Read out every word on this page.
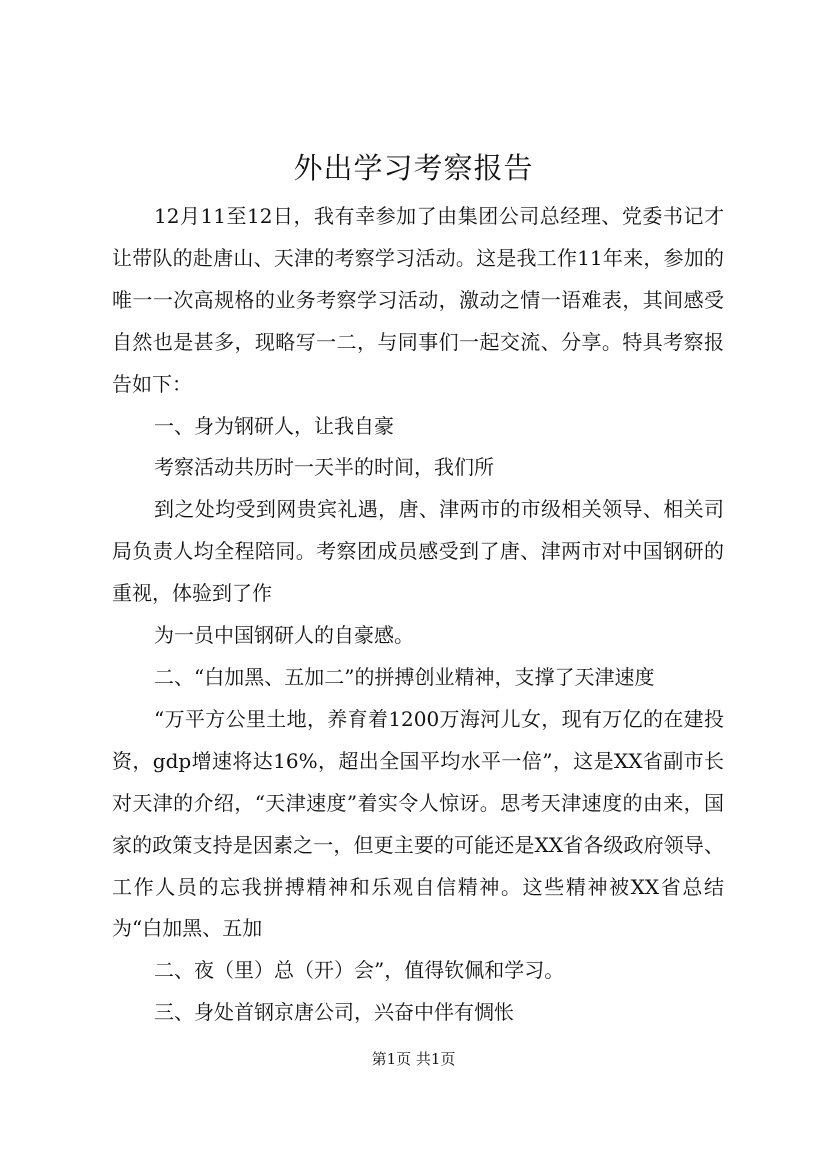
外出学习考察报告

12月11至12日，我有幸参加了由集团公司总经理、党委书记才让带队的赴唐山、天津的考察学习活动。这是我工作11年来，参加的唯一一次高规格的业务考察学习活动，激动之情一语难表，其间感受自然也是甚多，现略写一二，与同事们一起交流、分享。特具考察报告如下：

一、身为钢研人，让我自豪

考察活动共历时一天半的时间，我们所

到之处均受到网贵宾礼遇，唐、津两市的市级相关领导、相关司局负责人均全程陪同。考察团成员感受到了唐、津两市对中国钢研的重视，体验到了作

为一员中国钢研人的自豪感。

二、“白加黑、五加二”的拼搏创业精神，支撑了天津速度

“万平方公里土地，养育着1200万海河儿女，现有万亿的在建投资，gdp增速将达16%，超出全国平均水平一倍”，这是XX省副市长对天津的介绍，“天津速度”着实令人惊讶。思考天津速度的由来，国家的政策支持是因素之一，但更主要的可能还是XX省各级政府领导、工作人员的忘我拼搏精神和乐观自信精神。这些精神被XX省总结为“白加黑、五加

二、夜（里）总（开）会”，值得钦佩和学习。

三、身处首钢京唐公司，兴奋中伴有惆怅

第1页 共1页
